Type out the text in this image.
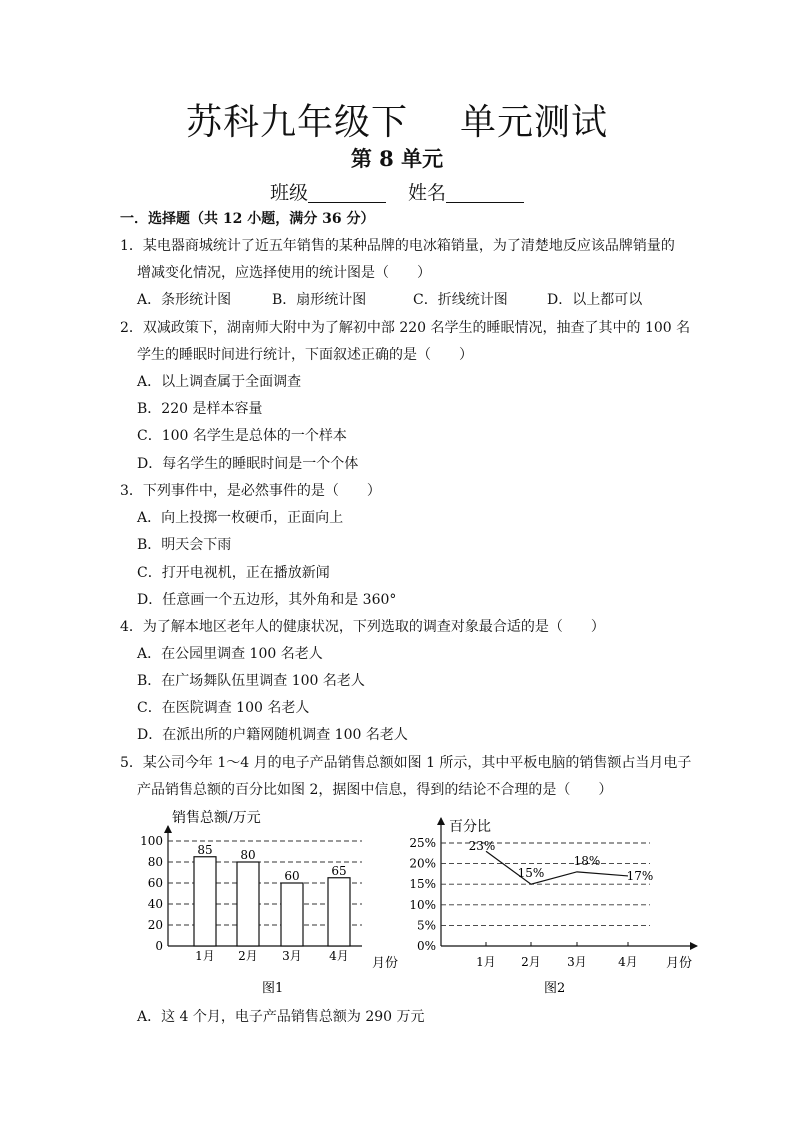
苏科九年级下 单元测试
第 8 单元
班级	姓名
一．选择题（共 12 小题，满分 36 分）
1．某电器商城统计了近五年销售的某种品牌的电冰箱销量，为了清楚地反应该品牌销量的
增减变化情况，应选择使用的统计图是（　　）
A．条形统计图	B．扇形统计图	C．折线统计图	D．以上都可以
2．双减政策下，湖南师大附中为了解初中部 220 名学生的睡眠情况，抽查了其中的 100 名
学生的睡眠时间进行统计，下面叙述正确的是（　　）
A．以上调查属于全面调查
B．220 是样本容量
C．100 名学生是总体的一个样本
D．每名学生的睡眠时间是一个个体
3．下列事件中，是必然事件的是（　　）
A．向上投掷一枚硬币，正面向上
B．明天会下雨
C．打开电视机，正在播放新闻
D．任意画一个五边形，其外角和是 360°
4．为了解本地区老年人的健康状况，下列选取的调查对象最合适的是（　　）
A．在公园里调查 100 名老人
B．在广场舞队伍里调查 100 名老人
C．在医院调查 100 名老人
D．在派出所的户籍网随机调查 100 名老人
5．某公司今年 1～4 月的电子产品销售总额如图 1 所示，其中平板电脑的销售额占当月电子
产品销售总额的百分比如图 2，据图中信息，得到的结论不合理的是（　　）
销售总额/万元
0
20
40
60
80
100
1月 2月 3月 4月
85 80
60	65
月份
图1
百分比
0%
5%
10%
15%
20%
25%
1月 2月 3月	4月
23%
15%
18%
17%
月份
图2
A．这 4 个月，电子产品销售总额为 290 万元
